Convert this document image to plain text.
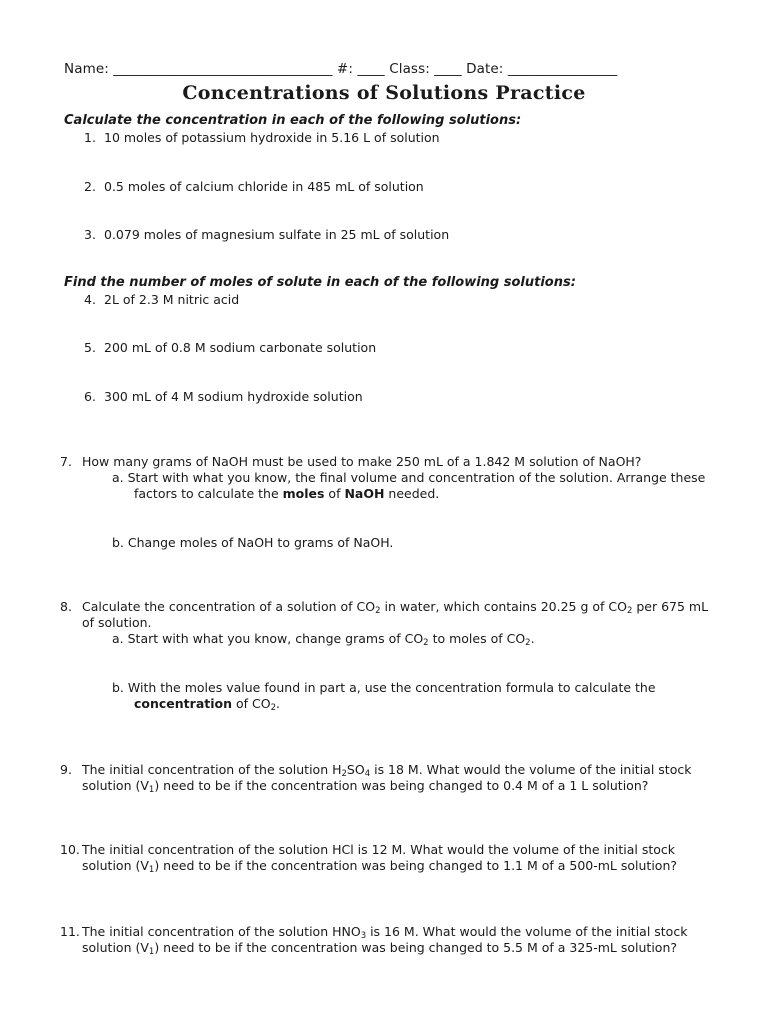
Name: ________________________________ #: ____ Class: ____ Date: ________________
Concentrations of Solutions Practice
Calculate the concentration in each of the following solutions:
1. 10 moles of potassium hydroxide in 5.16 L of solution
2. 0.5 moles of calcium chloride in 485 mL of solution
3. 0.079 moles of magnesium sulfate in 25 mL of solution
Find the number of moles of solute in each of the following solutions:
4. 2L of 2.3 M nitric acid
5. 200 mL of 0.8 M sodium carbonate solution
6. 300 mL of 4 M sodium hydroxide solution
7. How many grams of NaOH must be used to make 250 mL of a 1.842 M solution of NaOH?
a. Start with what you know, the final volume and concentration of the solution. Arrange these
factors to calculate the moles of NaOH needed.
b. Change moles of NaOH to grams of NaOH.
8. Calculate the concentration of a solution of $CO_2$ in water, which contains 20.25 g of $CO_2$ per 675 mL
of solution.
a. Start with what you know, change grams of $CO_2$ to moles of $CO_2$.
b. With the moles value found in part a, use the concentration formula to calculate the
concentration of $CO_2$.
9. The initial concentration of the solution $H_2SO_4$ is 18 M. What would the volume of the initial stock
solution $(V_1)$ need to be if the concentration was being changed to 0.4 M of a 1 L solution?
10. The initial concentration of the solution HCl is 12 M. What would the volume of the initial stock
solution $(V_1)$ need to be if the concentration was being changed to 1.1 M of a 500-mL solution?
11. The initial concentration of the solution $HNO_3$ is 16 M. What would the volume of the initial stock
solution $(V_1)$ need to be if the concentration was being changed to 5.5 M of a 325-mL solution?
